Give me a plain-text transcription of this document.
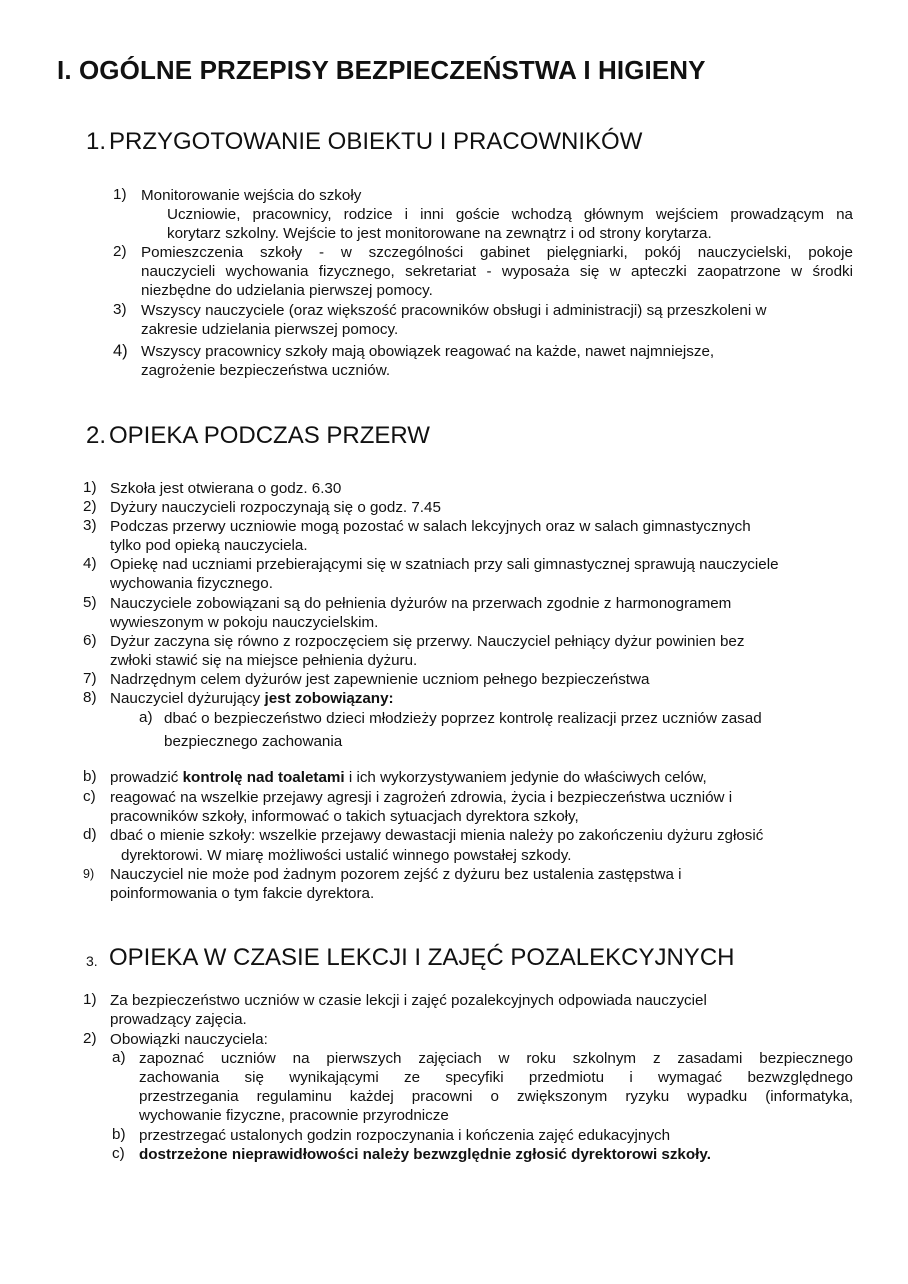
I. OGÓLNE PRZEPISY BEZPIECZEŃSTWA I HIGIENY
1. PRZYGOTOWANIE OBIEKTU I PRACOWNIKÓW
1) Monitorowanie wejścia do szkoły
Uczniowie, pracownicy, rodzice i inni goście wchodzą głównym wejściem prowadzącym na
korytarz szkolny. Wejście to jest monitorowane na zewnątrz i od strony korytarza.
2) Pomieszczenia szkoły - w szczególności gabinet pielęgniarki, pokój nauczycielski, pokoje
nauczycieli wychowania fizycznego, sekretariat - wyposaża się w apteczki zaopatrzone w środki
niezbędne do udzielania pierwszej pomocy.
3) Wszyscy nauczyciele (oraz większość pracowników obsługi i administracji) są przeszkoleni w
zakresie udzielania pierwszej pomocy.
4) Wszyscy pracownicy szkoły mają obowiązek reagować na każde, nawet najmniejsze,
zagrożenie bezpieczeństwa uczniów.
2. OPIEKA PODCZAS PRZERW
1) Szkoła jest otwierana o godz. 6.30
2) Dyżury nauczycieli rozpoczynają się o godz. 7.45
3) Podczas przerwy uczniowie mogą pozostać w salach lekcyjnych oraz w salach gimnastycznych
tylko pod opieką nauczyciela.
4) Opiekę nad uczniami przebierającymi się w szatniach przy sali gimnastycznej sprawują nauczyciele
wychowania fizycznego.
5) Nauczyciele zobowiązani są do pełnienia dyżurów na przerwach zgodnie z harmonogramem
wywieszonym w pokoju nauczycielskim.
6) Dyżur zaczyna się równo z rozpoczęciem się przerwy. Nauczyciel pełniący dyżur powinien bez
zwłoki stawić się na miejsce pełnienia dyżuru.
7) Nadrzędnym celem dyżurów jest zapewnienie uczniom pełnego bezpieczeństwa
8) Nauczyciel dyżurujący jest zobowiązany:
a) dbać o bezpieczeństwo dzieci młodzieży poprzez kontrolę realizacji przez uczniów zasad
bezpiecznego zachowania
b) prowadzić kontrolę nad toaletami i ich wykorzystywaniem jedynie do właściwych celów,
c) reagować na wszelkie przejawy agresji i zagrożeń zdrowia, życia i bezpieczeństwa uczniów i
pracowników szkoły, informować o takich sytuacjach dyrektora szkoły,
d) dbać o mienie szkoły: wszelkie przejawy dewastacji mienia należy po zakończeniu dyżuru zgłosić
dyrektorowi. W miarę możliwości ustalić winnego powstałej szkody.
9) Nauczyciel nie może pod żadnym pozorem zejść z dyżuru bez ustalenia zastępstwa i
poinformowania o tym fakcie dyrektora.
3. OPIEKA W CZASIE LEKCJI I ZAJĘĆ POZALEKCYJNYCH
1) Za bezpieczeństwo uczniów w czasie lekcji i zajęć pozalekcyjnych odpowiada nauczyciel
prowadzący zajęcia.
2) Obowiązki nauczyciela:
a) zapoznać uczniów na pierwszych zajęciach w roku szkolnym z zasadami bezpiecznego
zachowania się wynikającymi ze specyfiki przedmiotu i wymagać bezwzględnego
przestrzegania regulaminu każdej pracowni o zwiększonym ryzyku wypadku (informatyka,
wychowanie fizyczne, pracownie przyrodnicze
b) przestrzegać ustalonych godzin rozpoczynania i kończenia zajęć edukacyjnych
c) dostrzeżone nieprawidłowości należy bezwzględnie zgłosić dyrektorowi szkoły.
